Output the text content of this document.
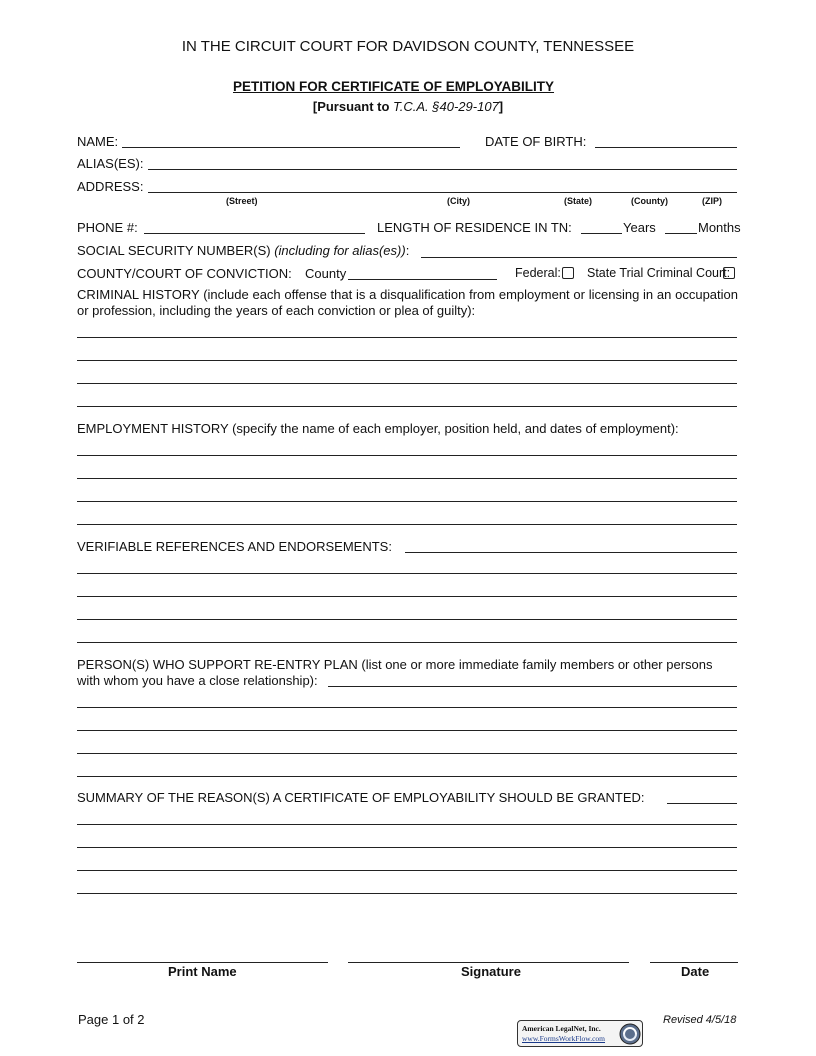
IN THE CIRCUIT COURT FOR DAVIDSON COUNTY, TENNESSEE
PETITION FOR CERTIFICATE OF EMPLOYABILITY
[Pursuant to T.C.A. §40-29-107]
NAME:	DATE OF BIRTH:
ALIAS(ES):
ADDRESS:
(Street)	(City)	(State)	(County)	(ZIP)
PHONE #:	LENGTH OF RESIDENCE IN TN:	Years	Months
SOCIAL SECURITY NUMBER(S) (including for alias(es)):
COUNTY/COURT OF CONVICTION: County	Federal: State Trial Criminal Court:
CRIMINAL HISTORY (include each offense that is a disqualification from employment or licensing in an occupation or profession, including the years of each conviction or plea of guilty):
EMPLOYMENT HISTORY (specify the name of each employer, position held, and dates of employment):
VERIFIABLE REFERENCES AND ENDORSEMENTS:
PERSON(S) WHO SUPPORT RE-ENTRY PLAN (list one or more immediate family members or other persons
with whom you have a close relationship):
SUMMARY OF THE REASON(S) A CERTIFICATE OF EMPLOYABILITY SHOULD BE GRANTED:
Print Name	Signature	Date
Page 1 of 2
American LegalNet, Inc.
www.FormsWorkFlow.com
Revised 4/5/18
